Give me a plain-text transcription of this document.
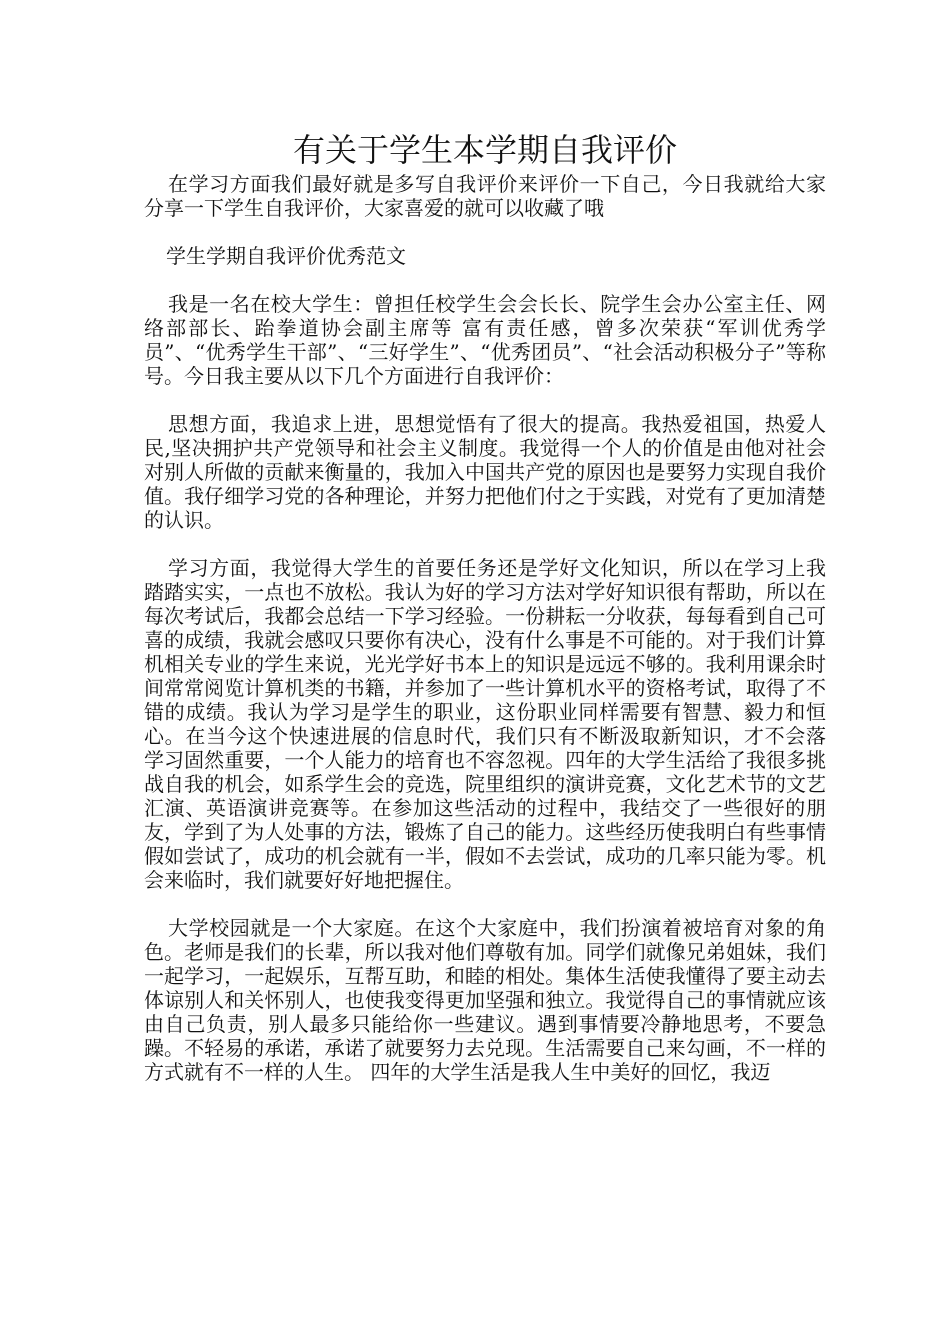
有关于学生本学期自我评价

在学习方面我们最好就是多写自我评价来评价一下自己，今日我就给大家分享一下学生自我评价，大家喜爱的就可以收藏了哦

学生学期自我评价优秀范文

我是一名在校大学生：曾担任校学生会会长长、院学生会办公室主任、网络部部长、跆拳道协会副主席等 富有责任感，曾多次荣获“军训优秀学员”、“优秀学生干部”、“三好学生”、“优秀团员”、“社会活动积极分子”等称号。今日我主要从以下几个方面进行自我评价：

思想方面，我追求上进，思想觉悟有了很大的提高。我热爱祖国，热爱人民,坚决拥护共产党领导和社会主义制度。我觉得一个人的价值是由他对社会对别人所做的贡献来衡量的，我加入中国共产党的原因也是要努力实现自我价值。我仔细学习党的各种理论，并努力把他们付之于实践，对党有了更加清楚的认识。

学习方面，我觉得大学生的首要任务还是学好文化知识，所以在学习上我踏踏实实，一点也不放松。我认为好的学习方法对学好知识很有帮助，所以在每次考试后，我都会总结一下学习经验。一份耕耘一分收获，每每看到自己可喜的成绩，我就会感叹只要你有决心，没有什么事是不可能的。对于我们计算机相关专业的学生来说，光光学好书本上的知识是远远不够的。我利用课余时间常常阅览计算机类的书籍，并参加了一些计算机水平的资格考试，取得了不错的成绩。我认为学习是学生的职业，这份职业同样需要有智慧、毅力和恒心。在当今这个快速进展的信息时代，我们只有不断汲取新知识，才不会落 学习固然重要，一个人能力的培育也不容忽视。四年的大学生活给了我很多挑战自我的机会，如系学生会的竞选，院里组织的演讲竞赛，文化艺术节的文艺汇演、英语演讲竞赛等。在参加这些活动的过程中，我结交了一些很好的朋友，学到了为人处事的方法，锻炼了自己的能力。这些经历使我明白有些事情假如尝试了，成功的机会就有一半，假如不去尝试，成功的几率只能为零。机会来临时，我们就要好好地把握住。

大学校园就是一个大家庭。在这个大家庭中，我们扮演着被培育对象的角色。老师是我们的长辈，所以我对他们尊敬有加。同学们就像兄弟姐妹，我们一起学习，一起娱乐，互帮互助，和睦的相处。集体生活使我懂得了要主动去体谅别人和关怀别人，也使我变得更加坚强和独立。我觉得自己的事情就应该由自己负责，别人最多只能给你一些建议。遇到事情要冷静地思考，不要急躁。不轻易的承诺，承诺了就要努力去兑现。生活需要自己来勾画，不一样的方式就有不一样的人生。 四年的大学生活是我人生中美好的回忆，我迈
